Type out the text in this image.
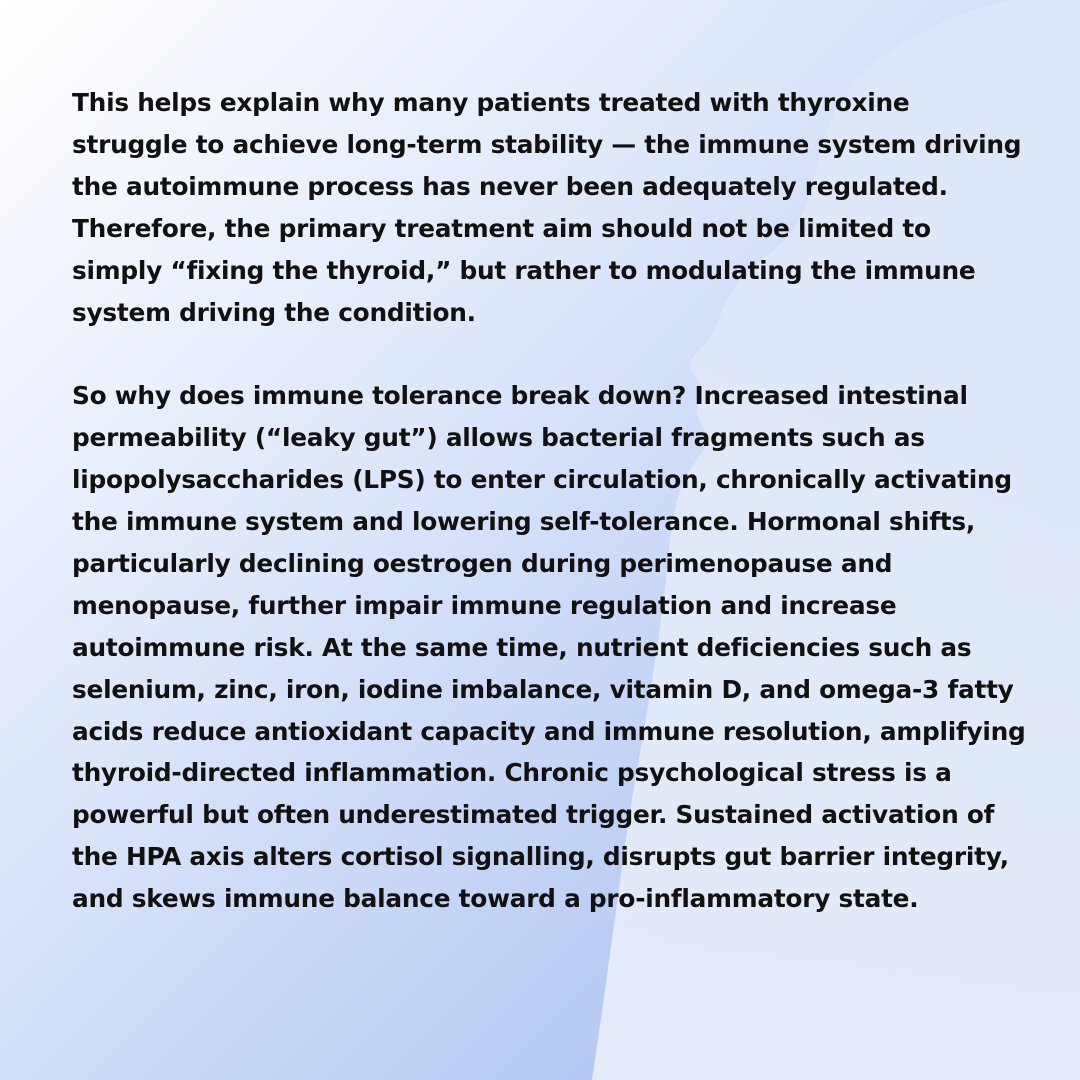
This helps explain why many patients treated with thyroxine struggle to achieve long-term stability — the immune system driving the autoimmune process has never been adequately regulated. Therefore, the primary treatment aim should not be limited to simply “fixing the thyroid,” but rather to modulating the immune system driving the condition.

So why does immune tolerance break down? Increased intestinal permeability (“leaky gut”) allows bacterial fragments such as lipopolysaccharides (LPS) to enter circulation, chronically activating the immune system and lowering self-tolerance. Hormonal shifts, particularly declining oestrogen during perimenopause and menopause, further impair immune regulation and increase autoimmune risk. At the same time, nutrient deficiencies such as selenium, zinc, iron, iodine imbalance, vitamin D, and omega-3 fatty acids reduce antioxidant capacity and immune resolution, amplifying thyroid-directed inflammation. Chronic psychological stress is a powerful but often underestimated trigger. Sustained activation of the HPA axis alters cortisol signalling, disrupts gut barrier integrity, and skews immune balance toward a pro-inflammatory state.
